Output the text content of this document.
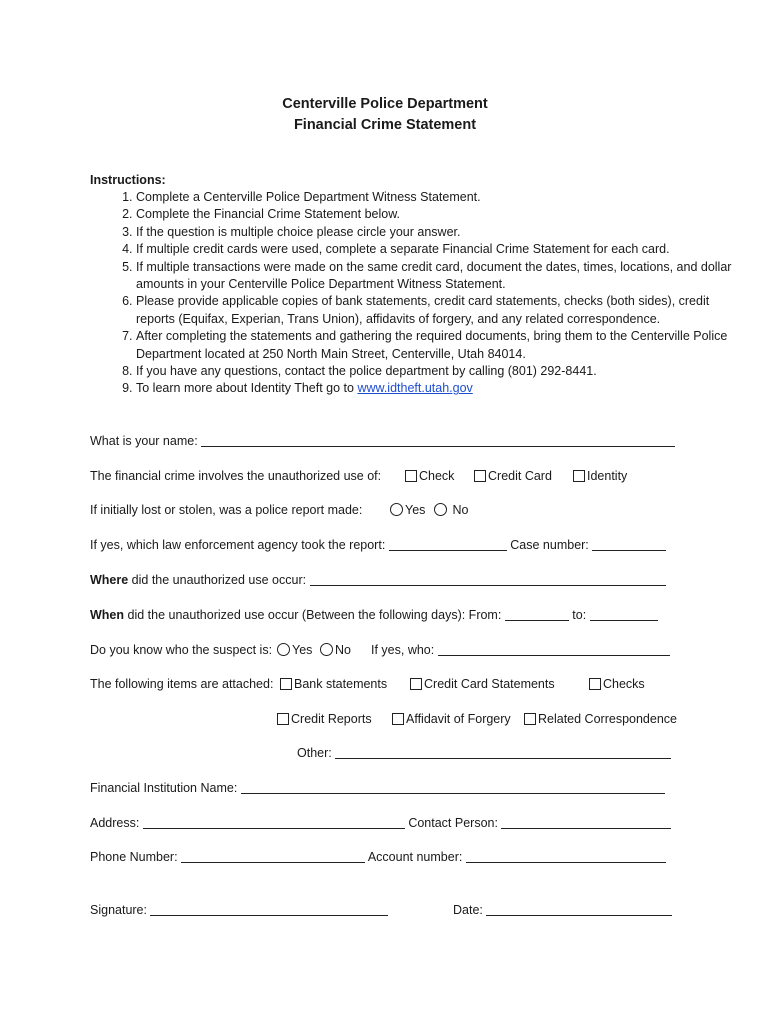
Centerville Police Department
Financial Crime Statement
Instructions:
1. Complete a Centerville Police Department Witness Statement.
2. Complete the Financial Crime Statement below.
3. If the question is multiple choice please circle your answer.
4. If multiple credit cards were used, complete a separate Financial Crime Statement for each card.
5. If multiple transactions were made on the same credit card, document the dates, times, locations, and dollar amounts in your Centerville Police Department Witness Statement.
6. Please provide applicable copies of bank statements, credit card statements, checks (both sides), credit reports (Equifax, Experian, Trans Union), affidavits of forgery, and any related correspondence.
7. After completing the statements and gathering the required documents, bring them to the Centerville Police Department located at 250 North Main Street, Centerville, Utah 84014.
8. If you have any questions, contact the police department by calling (801) 292-8441.
9. To learn more about Identity Theft go to www.idtheft.utah.gov
What is your name:
The financial crime involves the unauthorized use of:	Check	Credit Card	Identity
If initially lost or stolen, was a police report made:	Yes	No
If yes, which law enforcement agency took the report:	Case number:
Where did the unauthorized use occur:
When did the unauthorized use occur (Between the following days): From:	to:
Do you know who the suspect is:	Yes	No If yes, who:
The following items are attached:	Bank statements	Credit Card Statements	Checks
Credit Reports	Affidavit of Forgery	Related Correspondence
Other:
Financial Institution Name:
Address:	Contact Person:
Phone Number:	Account number:
Signature:	Date:
